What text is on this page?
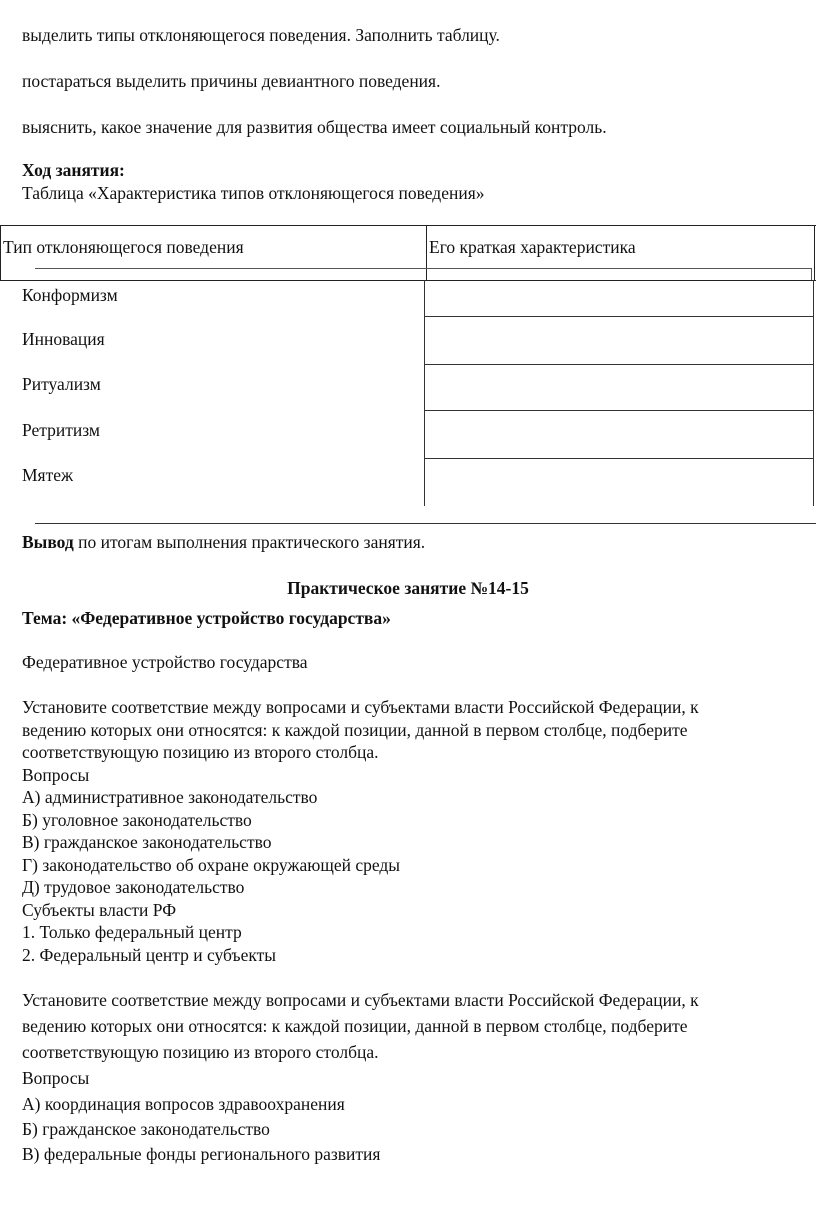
выделить типы отклоняющегося поведения. Заполнить таблицу.
постараться выделить причины девиантного поведения.
выяснить, какое значение для развития общества имеет социальный контроль.
Ход занятия:
Таблица «Характеристика типов отклоняющегося поведения»
Тип отклоняющегося поведения	Его краткая характеристика
Конформизм
Инновация
Ритуализм
Ретритизм
Мятеж
Вывод по итогам выполнения практического занятия.
Практическое занятие №14-15
Тема: «Федеративное устройство государства»
Федеративное устройство государства
Установите соответствие между вопросами и субъектами власти Российской Федерации, к
ведению которых они относятся: к каждой позиции, данной в первом столбце, подберите
соответствующую позицию из второго столбца.
Вопросы
А) административное законодательство
Б) уголовное законодательство
В) гражданское законодательство
Г) законодательство об охране окружающей среды
Д) трудовое законодательство
Субъекты власти РФ
1. Только федеральный центр
2. Федеральный центр и субъекты
Установите соответствие между вопросами и субъектами власти Российской Федерации, к
ведению которых они относятся: к каждой позиции, данной в первом столбце, подберите
соответствующую позицию из второго столбца.
Вопросы
А) координация вопросов здравоохранения
Б) гражданское законодательство
В) федеральные фонды регионального развития
